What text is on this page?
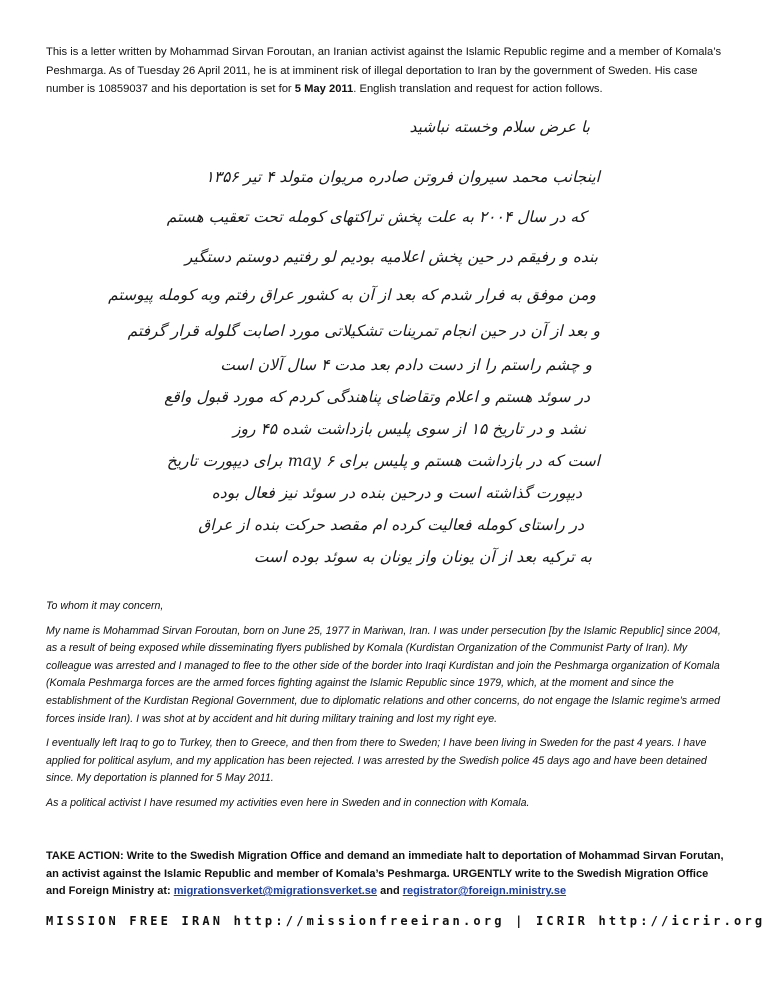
This is a letter written by Mohammad Sirvan Foroutan, an Iranian activist against the Islamic Republic regime and a member of Komala’s Peshmarga. As of Tuesday 26 April 2011, he is at imminent risk of illegal deportation to Iran by the government of Sweden. His case number is 10859037 and his deportation is set for 5 May 2011. English translation and request for action follows.
با عرض سلام وخسته نباشید
اینجانب محمد سیروان فروتن صادره مریوان متولد ۴ تیر ۱۳۵۶
که در سال ۲۰۰۴ به علت پخش تراکتهای کومله تحت تعقیب هستم
بنده و رفیقم در حین پخش اعلامیه بودیم لو رفتیم دوستم دستگیر
ومن موفق به فرار شدم که بعد از آن به کشور عراق رفتم وبه کومله پیوستم
و بعد از آن در حین انجام تمرینات تشکیلاتی مورد اصابت گلوله قرار گرفتم
و چشم راستم را از دست دادم بعد مدت ۴ سال آلان است
در سوئد هستم و اعلام وتقاضای پناهندگی کردم که مورد قبول واقع
نشد و در تاریخ ۱۵ از سوی پلیس بازداشت شده ۴۵ روز
است که در بازداشت هستم و پلیس برای ۶ may برای دیپورت تاریخ
دیپورت گذاشته است و درحین بنده در سوئد نیز فعال بوده
در راستای کومله فعالیت کرده ام مقصد حرکت بنده از عراق
به ترکیه بعد از آن یونان واز یونان به سوئد بوده است

To whom it may concern,

My name is Mohammad Sirvan Foroutan, born on June 25, 1977 in Mariwan, Iran. I was under persecution [by the Islamic Republic] since 2004, as a result of being exposed while disseminating flyers published by Komala (Kurdistan Organization of the Communist Party of Iran). My colleague was arrested and I managed to flee to the other side of the border into Iraqi Kurdistan and join the Peshmarga organization of Komala (Komala Peshmarga forces are the armed forces fighting against the Islamic Republic since 1979, which, at the moment and since the establishment of the Kurdistan Regional Government, due to diplomatic relations and other concerns, do not engage the Islamic regime’s armed forces inside Iran). I was shot at by accident and hit during military training and lost my right eye.

I eventually left Iraq to go to Turkey, then to Greece, and then from there to Sweden; I have been living in Sweden for the past 4 years. I have applied for political asylum, and my application has been rejected. I was arrested by the Swedish police 45 days ago and have been detained since. My deportation is planned for 5 May 2011.

As a political activist I have resumed my activities even here in Sweden and in connection with Komala.

TAKE ACTION: Write to the Swedish Migration Office and demand an immediate halt to deportation of Mohammad Sirvan Forutan, an activist against the Islamic Republic and member of Komala’s Peshmarga. URGENTLY write to the Swedish Migration Office and Foreign Ministry at: migrationsverket@migrationsverket.se and registrator@foreign.ministry.se
MISSION FREE IRAN http://missionfreeiran.org | ICRIR http://icrir.org
